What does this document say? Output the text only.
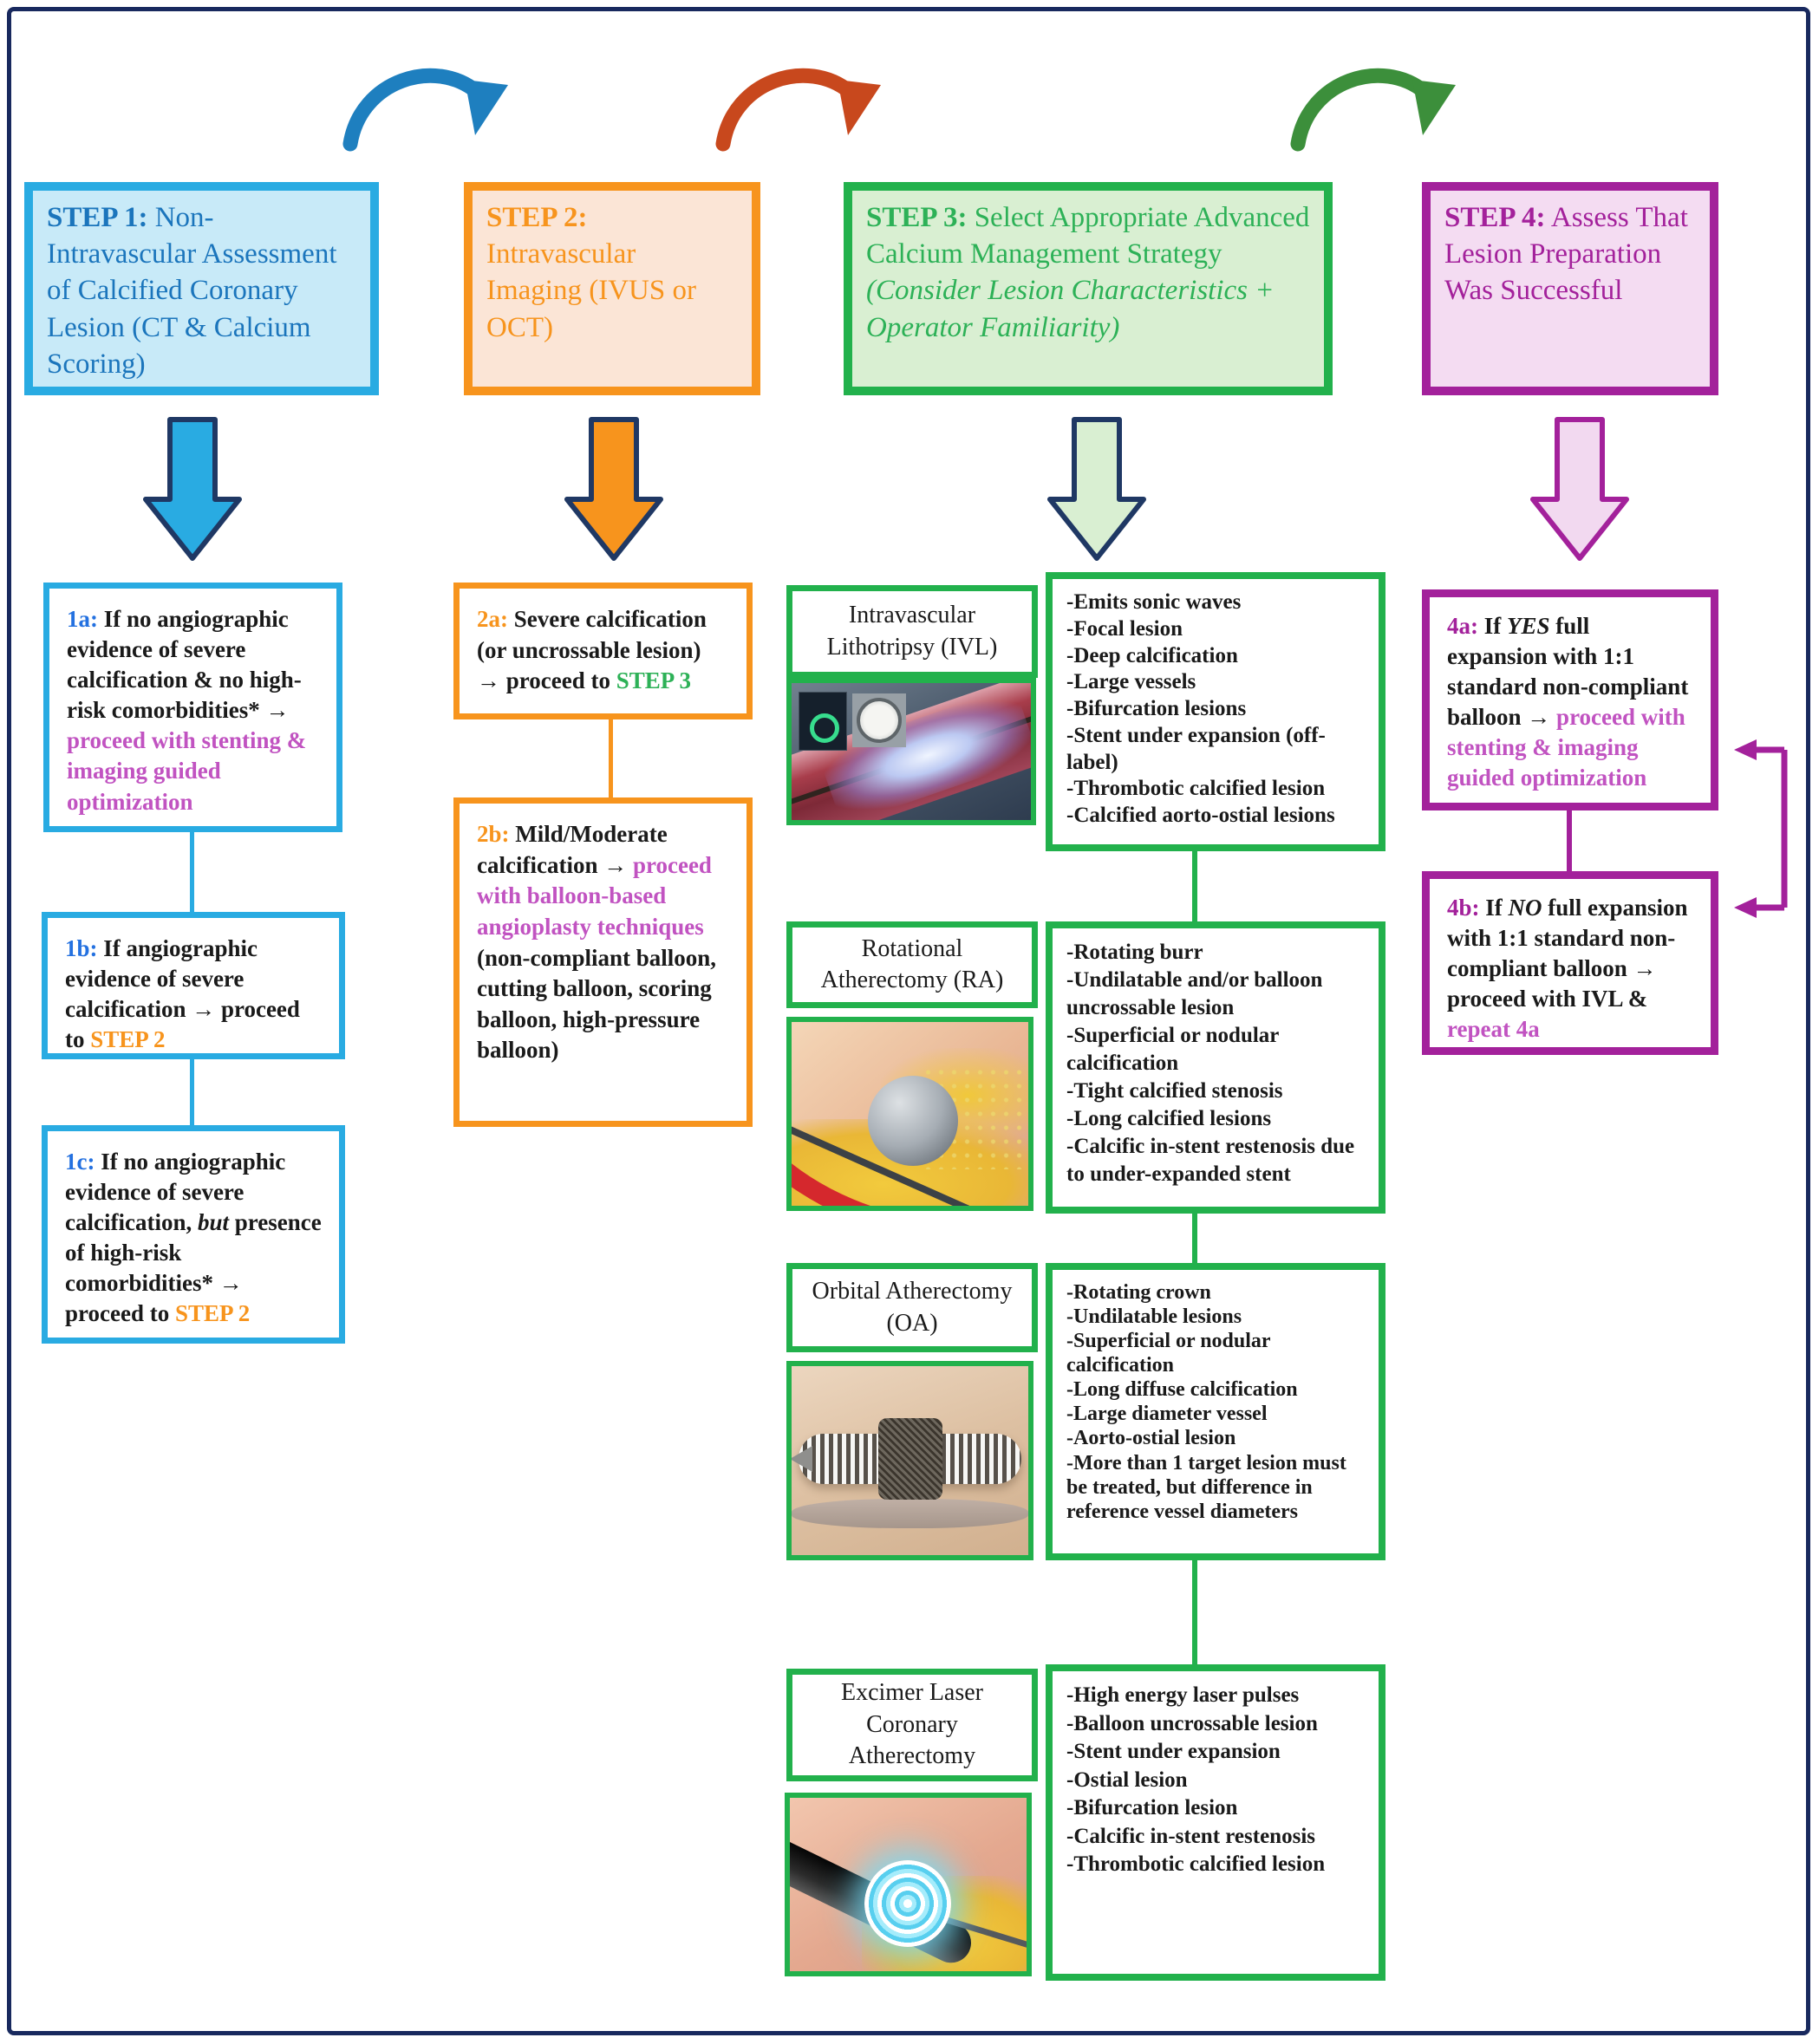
STEP 1: Non-Intravascular Assessment of Calcified Coronary Lesion (CT & Calcium Scoring)
STEP 2: Intravascular Imaging (IVUS or OCT)
STEP 3: Select Appropriate Advanced Calcium Management Strategy (Consider Lesion Characteristics + Operator Familiarity)
STEP 4: Assess That Lesion Preparation Was Successful
1a: If no angiographic evidence of severe calcification & no high-risk comorbidities* → proceed with stenting & imaging guided optimization
1b: If angiographic evidence of severe calcification → proceed to STEP 2
1c: If no angiographic evidence of severe calcification, but presence of high-risk comorbidities* → proceed to STEP 2
2a: Severe calcification (or uncrossable lesion) → proceed to STEP 3
2b: Mild/Moderate calcification → proceed with balloon-based angioplasty techniques (non-compliant balloon, cutting balloon, scoring balloon, high-pressure balloon)
Intravascular Lithotripsy (IVL)
-Emits sonic waves
-Focal lesion
-Deep calcification
-Large vessels
-Bifurcation lesions
-Stent under expansion (off-label)
-Thrombotic calcified lesion
-Calcified aorto-ostial lesions
Rotational Atherectomy (RA)
-Rotating burr
-Undilatable and/or balloon uncrossable lesion
-Superficial or nodular calcification
-Tight calcified stenosis
-Long calcified lesions
-Calcific in-stent restenosis due to under-expanded stent
Orbital Atherectomy (OA)
-Rotating crown
-Undilatable lesions
-Superficial or nodular calcification
-Long diffuse calcification
-Large diameter vessel
-Aorto-ostial lesion
-More than 1 target lesion must be treated, but difference in reference vessel diameters
Excimer Laser Coronary Atherectomy
-High energy laser pulses
-Balloon uncrossable lesion
-Stent under expansion
-Ostial lesion
-Bifurcation lesion
-Calcific in-stent restenosis
-Thrombotic calcified lesion
4a: If YES full expansion with 1:1 standard non-compliant balloon → proceed with stenting & imaging guided optimization
4b: If NO full expansion with 1:1 standard non-compliant balloon → proceed with IVL & repeat 4a
